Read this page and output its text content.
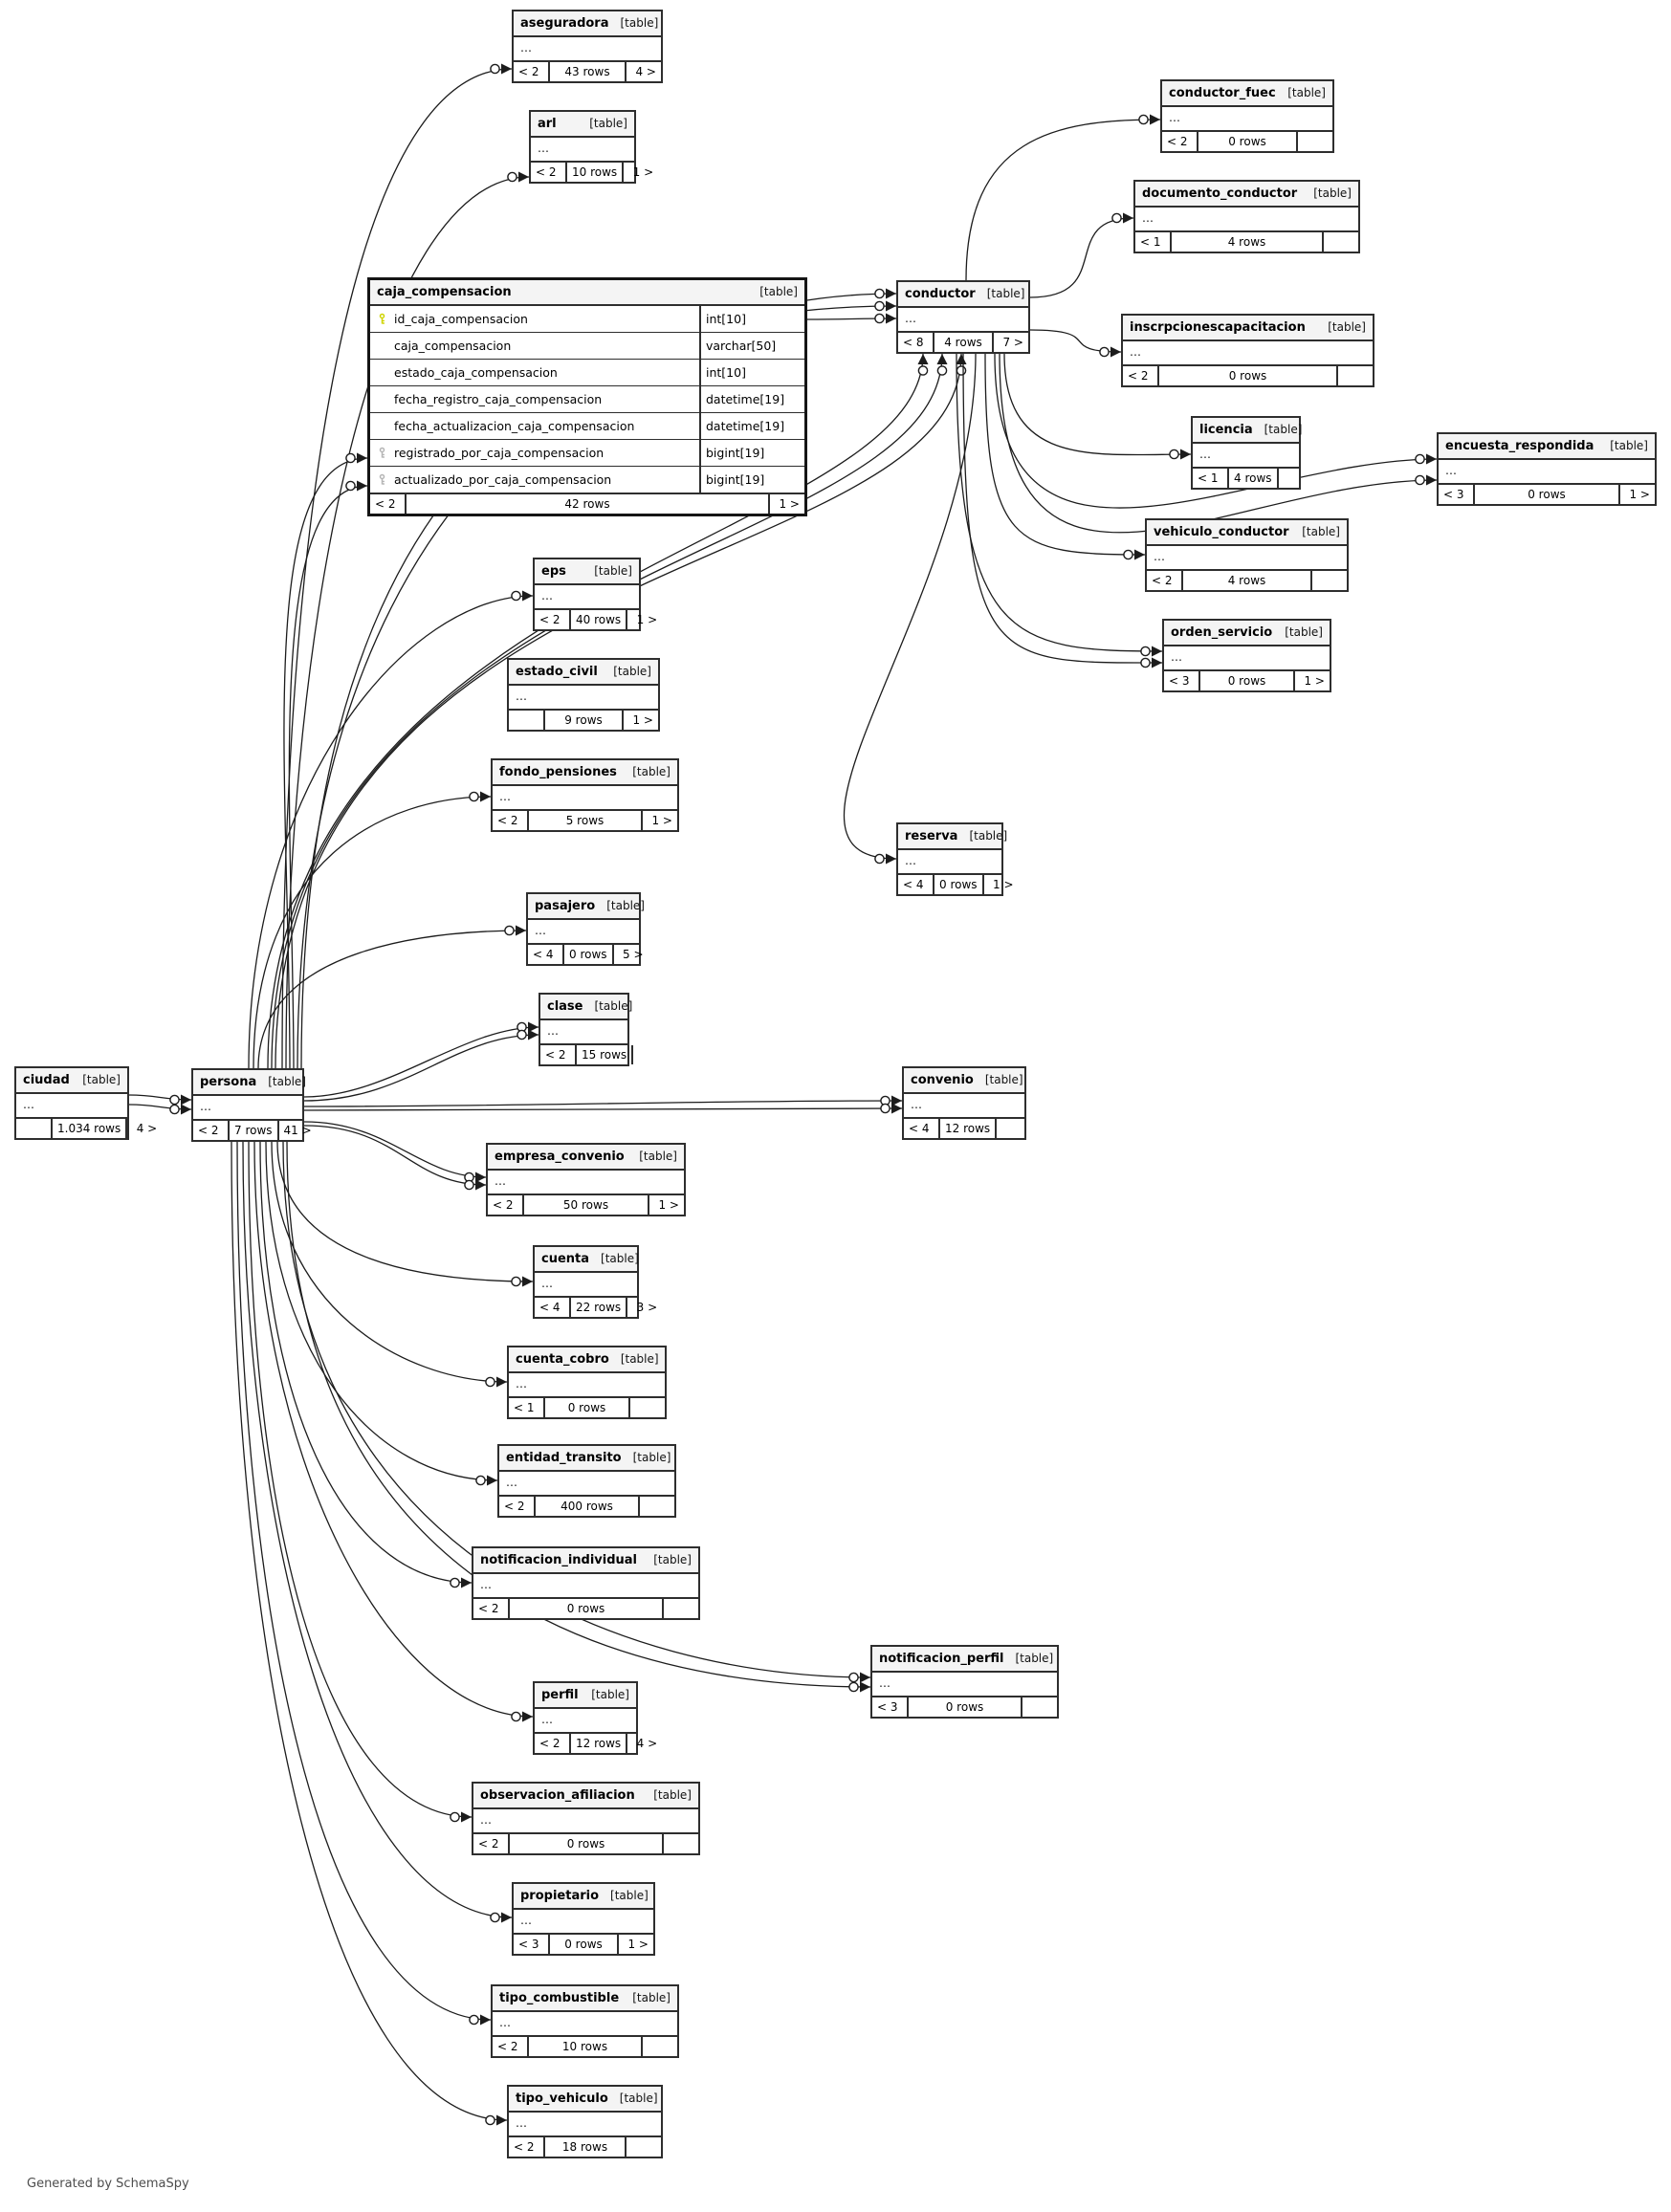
aseguradora [table]
...
< 2	43 rows	4 >
arl	[table]
...
< 2	10 rows	1 >
caja_compensacion	[table]
id_caja_compensacion	int[10]
caja_compensacion	varchar[50]
estado_caja_compensacion	int[10]
fecha_registro_caja_compensacion	datetime[19]
fecha_actualizacion_caja_compensacion	datetime[19]
registrado_por_caja_compensacion	bigint[19]
actualizado_por_caja_compensacion	bigint[19]
< 2	42 rows	1 >
conductor [table]
...
< 8	4 rows	7 >
conductor_fuec [table]
...
< 2	0 rows
documento_conductor [table]
...
< 1	4 rows
inscrpcionescapacitacion [table]
...
< 2	0 rows
licencia [table]
...
< 1	4 rows
encuesta_respondida [table]
...
< 3	0 rows	1 >
vehiculo_conductor [table]
...
< 2	4 rows
orden_servicio [table]
...
< 3	0 rows	1 >
eps [table]
...
< 2	40 rows	1 >
estado_civil [table]
...
9 rows	1 >
fondo_pensiones [table]
...
< 2	5 rows	1 >
reserva [table]
...
< 4	0 rows	1 >
pasajero [table]
...
< 4	0 rows	5 >
clase [table]
...
< 2	15 rows
ciudad [table]
...
1.034 rows	4 >
persona [table]
...
< 2	7 rows	41 >
convenio [table]
...
< 4	12 rows
empresa_convenio [table]
...
< 2	50 rows	1 >
cuenta [table]
...
< 4	22 rows	3 >
cuenta_cobro [table]
...
< 1	0 rows
entidad_transito [table]
...
< 2	400 rows
notificacion_individual [table]
...
< 2	0 rows
notificacion_perfil [table]
...
< 3	0 rows
perfil [table]
...
< 2	12 rows	4 >
observacion_afiliacion [table]
...
< 2	0 rows
propietario [table]
...
< 3	0 rows	1 >
tipo_combustible [table]
...
< 2	10 rows
tipo_vehiculo [table]
...
< 2	18 rows
Generated by SchemaSpy
